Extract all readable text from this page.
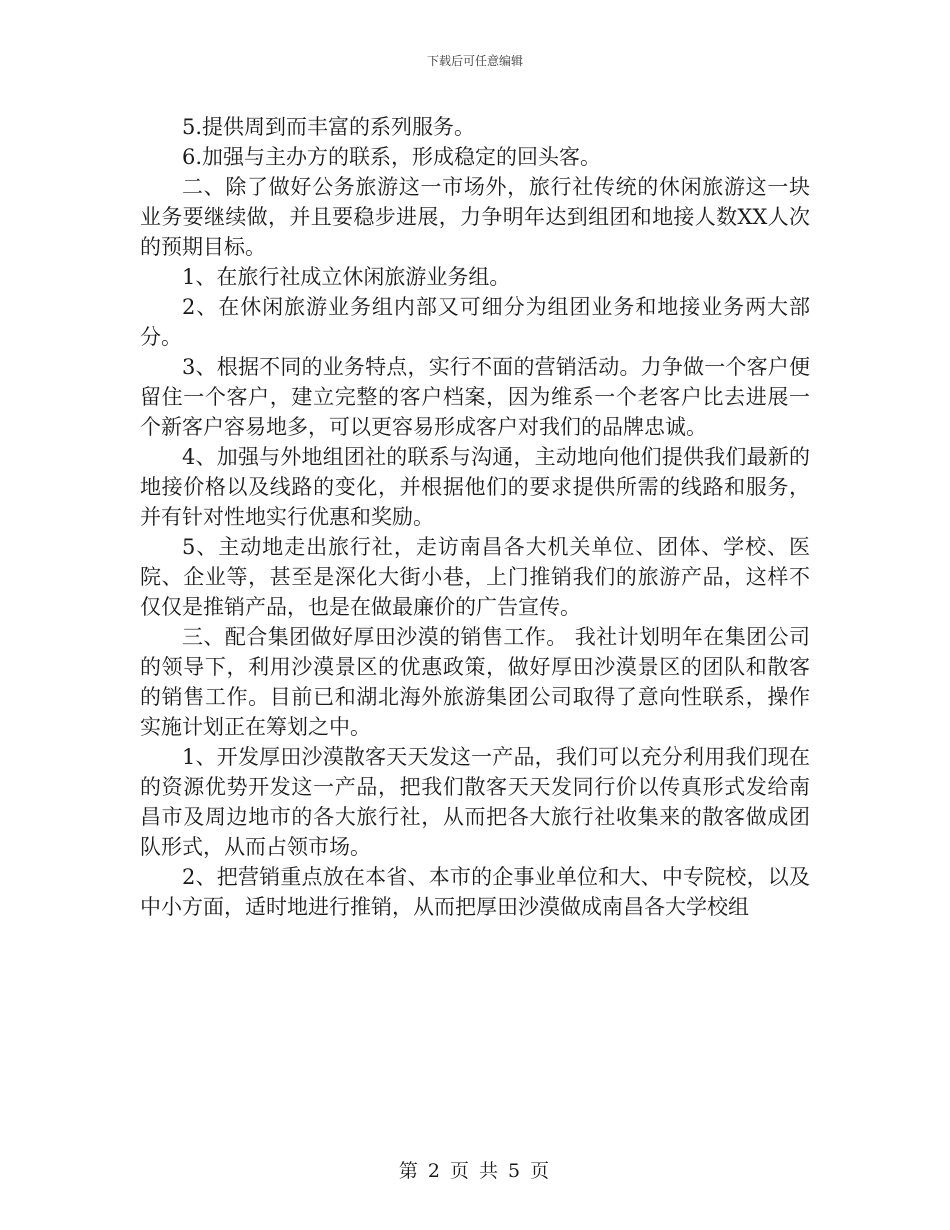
下载后可任意编辑

5.提供周到而丰富的系列服务。

6.加强与主办方的联系，形成稳定的回头客。

二、除了做好公务旅游这一市场外，旅行社传统的休闲旅游这一块业务要继续做，并且要稳步进展，力争明年达到组团和地接人数XX人次的预期目标。

1、在旅行社成立休闲旅游业务组。

2、在休闲旅游业务组内部又可细分为组团业务和地接业务两大部分。

3、根据不同的业务特点，实行不面的营销活动。力争做一个客户便留住一个客户，建立完整的客户档案，因为维系一个老客户比去进展一个新客户容易地多，可以更容易形成客户对我们的品牌忠诚。

4、加强与外地组团社的联系与沟通，主动地向他们提供我们最新的地接价格以及线路的变化，并根据他们的要求提供所需的线路和服务，并有针对性地实行优惠和奖励。

5、主动地走出旅行社，走访南昌各大机关单位、团体、学校、医院、企业等，甚至是深化大街小巷，上门推销我们的旅游产品，这样不仅仅是推销产品，也是在做最廉价的广告宣传。

三、配合集团做好厚田沙漠的销售工作。 我社计划明年在集团公司的领导下，利用沙漠景区的优惠政策，做好厚田沙漠景区的团队和散客的销售工作。目前已和湖北海外旅游集团公司取得了意向性联系，操作实施计划正在筹划之中。

1、开发厚田沙漠散客天天发这一产品，我们可以充分利用我们现在的资源优势开发这一产品，把我们散客天天发同行价以传真形式发给南昌市及周边地市的各大旅行社，从而把各大旅行社收集来的散客做成团队形式，从而占领市场。

2、把营销重点放在本省、本市的企事业单位和大、中专院校，以及中小方面，适时地进行推销，从而把厚田沙漠做成南昌各大学校组

第 2 页 共 5 页
